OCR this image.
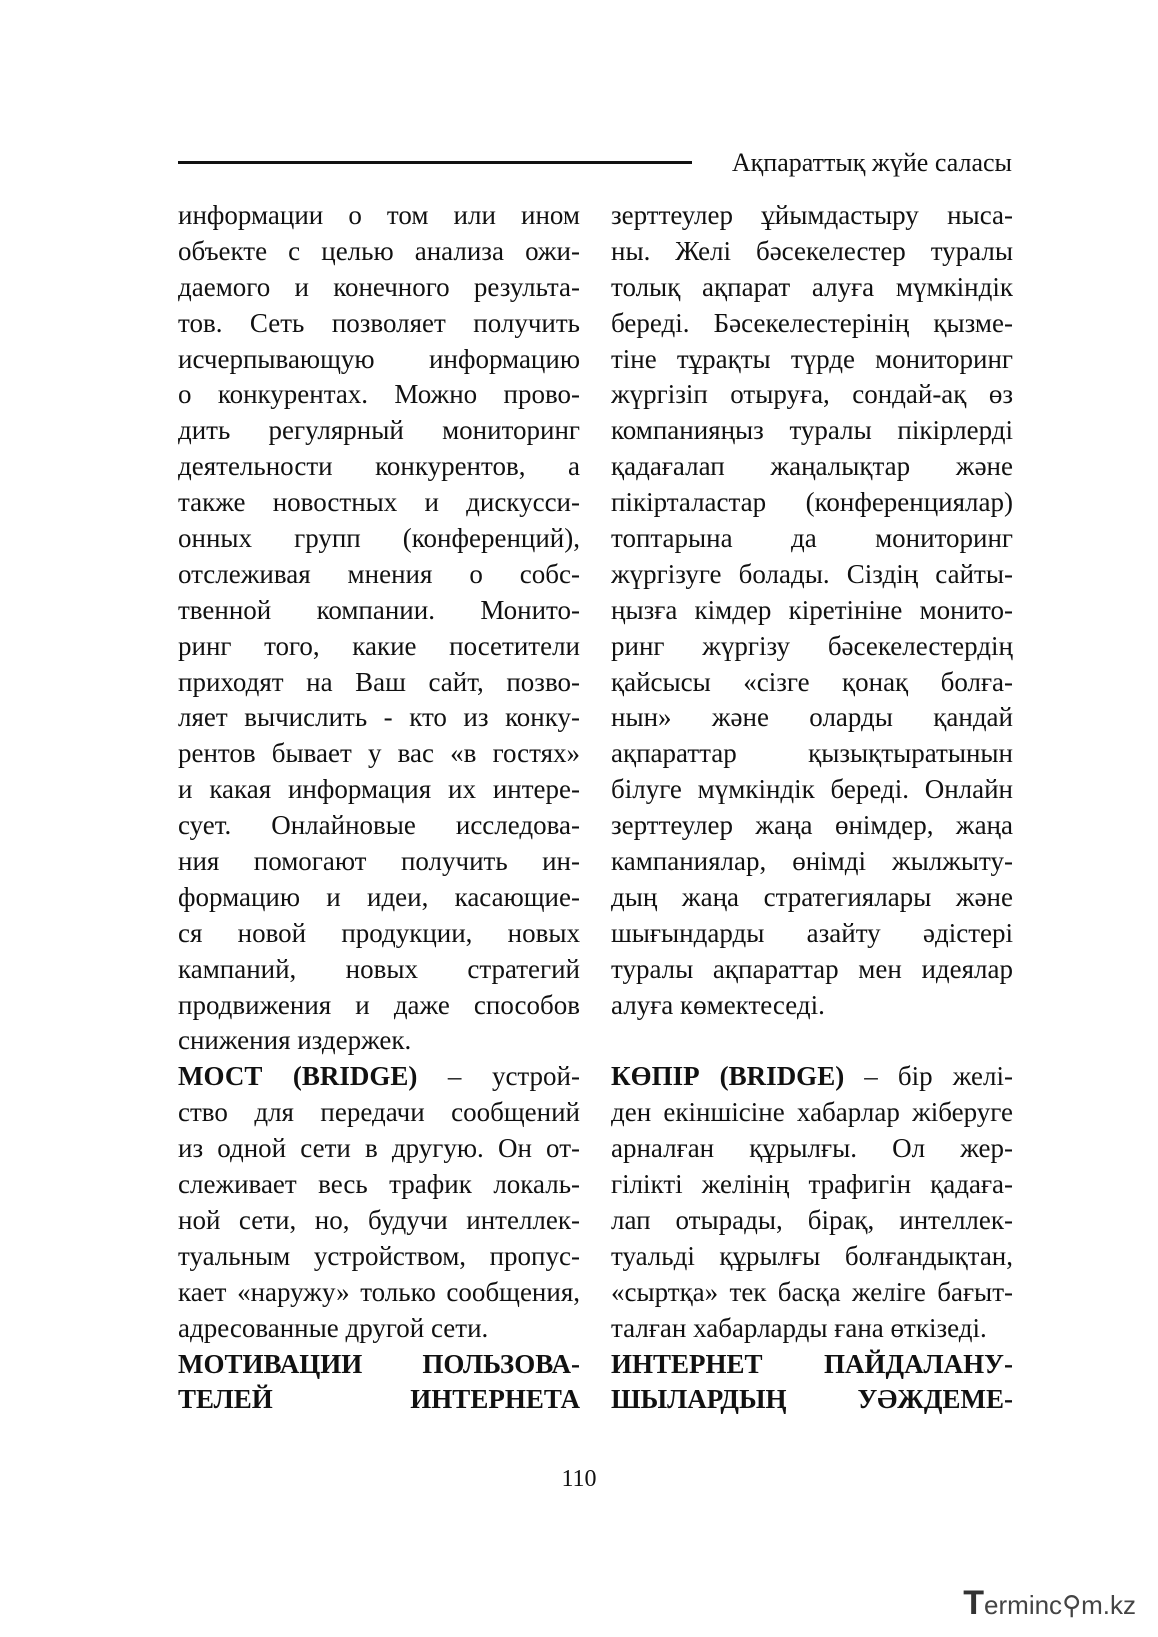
Ақпараттық жүйе саласы
информации о том или ином
объекте с целью анализа ожи-
даемого и конечного результа-
тов. Сеть позволяет получить
исчерпывающую информацию
о конкурентах. Можно прово-
дить регулярный мониторинг
деятельности конкурентов, а
также новостных и дискусси-
онных групп (конференций),
отслеживая мнения о собс-
твенной компании. Монито-
ринг того, какие посетители
приходят на Ваш сайт, позво-
ляет вычислить - кто из конку-
рентов бывает у вас «в гостях»
и какая информация их интере-
сует. Онлайновые исследова-
ния помогают получить ин-
формацию и идеи, касающие-
ся новой продукции, новых
кампаний, новых стратегий
продвижения и даже способов
снижения издержек.
МОСТ (BRIDGE) – устрой-
ство для передачи сообщений
из одной сети в другую. Он от-
слеживает весь трафик локаль-
ной сети, но, будучи интеллек-
туальным устройством, пропус-
кает «наружу» только сообщения,
адресованные другой сети.
МОТИВАЦИИ ПОЛЬЗОВА-
ТЕЛЕЙ ИНТЕРНЕТА
зерттеулер ұйымдастыру ныса-
ны. Желі бәсекелестер туралы
толық ақпарат алуға мүмкіндік
береді. Бәсекелестерінің қызме-
тіне тұрақты түрде мониторинг
жүргізіп отыруға, сондай-ақ өз
компанияңыз туралы пікірлерді
қадағалап жаңалықтар және
пікірталастар (конференциялар)
топтарына да мониторинг
жүргізуге болады. Сіздің сайты-
ңызға кімдер кіретініне монито-
ринг жүргізу бәсекелестердің
қайсысы «сізге қонақ болға-
нын» және оларды қандай
ақпараттар қызықтыратынын
білуге мүмкіндік береді. Онлайн
зерттеулер жаңа өнімдер, жаңа
кампаниялар, өнімді жылжыту-
дың жаңа стратегиялары және
шығындарды азайту әдістері
туралы ақпараттар мен идеялар
алуға көмектеседі.
КӨПІР (BRIDGE) – бір желі-
ден екіншісіне хабарлар жіберуге
арналған құрылғы. Ол жер-
гілікті желінің трафигін қадаға-
лап отырады, бірақ, интеллек-
туальді құрылғы болғандықтан,
«сыртқа» тек басқа желіге бағыт-
талған хабарларды ғана өткізеді.
ИНТЕРНЕТ ПАЙДАЛАНУ-
ШЫЛАРДЫҢ УӘЖДЕМЕ-
110
Terminc⚲m.kz
